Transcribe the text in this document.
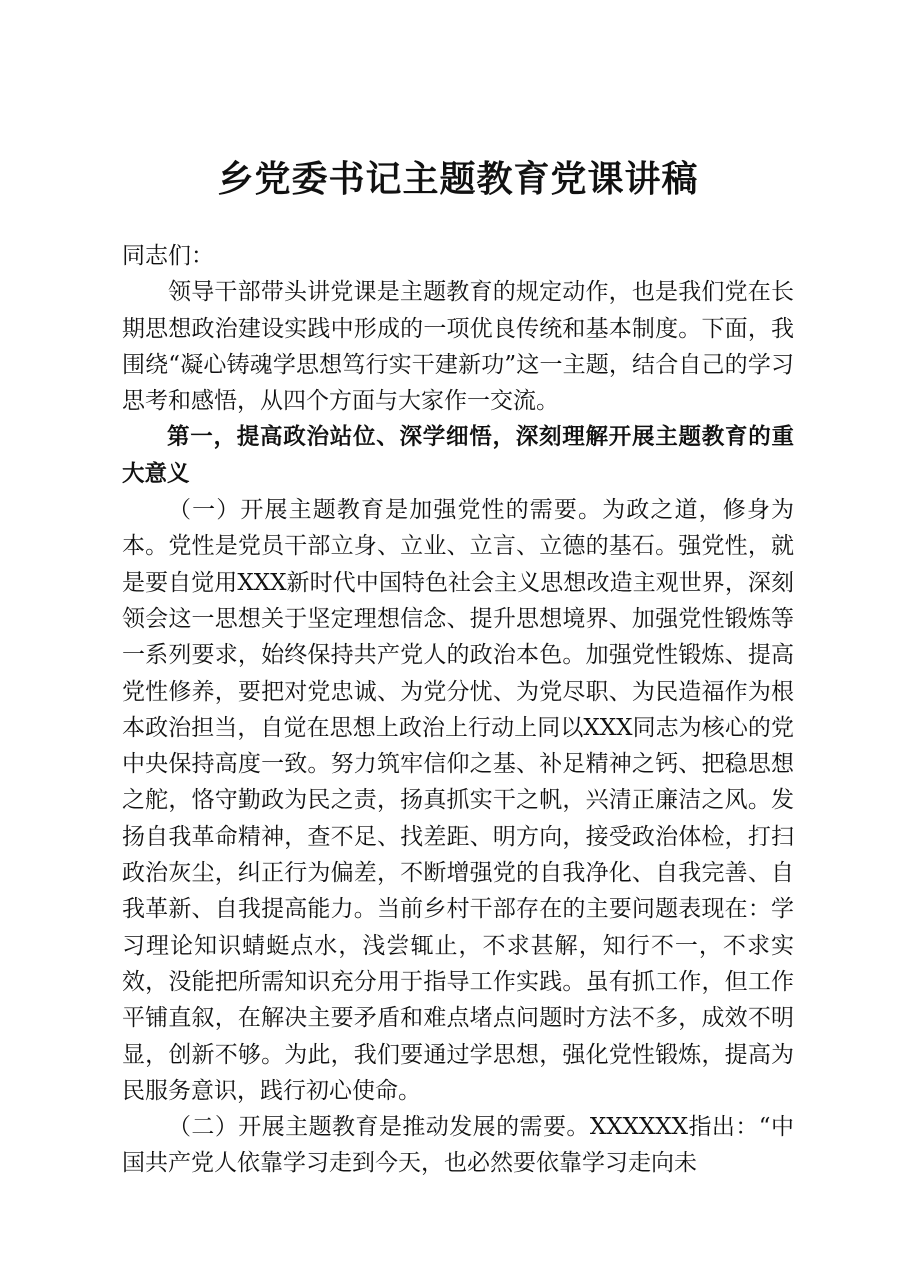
乡党委书记主题教育党课讲稿

同志们：

领导干部带头讲党课是主题教育的规定动作，也是我们党在长期思想政治建设实践中形成的一项优良传统和基本制度。下面，我围绕“凝心铸魂学思想笃行实干建新功”这一主题，结合自己的学习思考和感悟，从四个方面与大家作一交流。

第一，提高政治站位、深学细悟，深刻理解开展主题教育的重大意义

（一）开展主题教育是加强党性的需要。为政之道，修身为本。党性是党员干部立身、立业、立言、立德的基石。强党性，就是要自觉用XXX新时代中国特色社会主义思想改造主观世界，深刻领会这一思想关于坚定理想信念、提升思想境界、加强党性锻炼等一系列要求，始终保持共产党人的政治本色。加强党性锻炼、提高党性修养，要把对党忠诚、为党分忧、为党尽职、为民造福作为根本政治担当，自觉在思想上政治上行动上同以XXX同志为核心的党中央保持高度一致。努力筑牢信仰之基、补足精神之钙、把稳思想之舵，恪守勤政为民之责，扬真抓实干之帆，兴清正廉洁之风。发扬自我革命精神，查不足、找差距、明方向，接受政治体检，打扫政治灰尘，纠正行为偏差，不断增强党的自我净化、自我完善、自我革新、自我提高能力。当前乡村干部存在的主要问题表现在：学习理论知识蜻蜓点水，浅尝辄止，不求甚解，知行不一，不求实效，没能把所需知识充分用于指导工作实践。虽有抓工作，但工作平铺直叙，在解决主要矛盾和难点堵点问题时方法不多，成效不明显，创新不够。为此，我们要通过学思想，强化党性锻炼，提高为民服务意识，践行初心使命。

（二）开展主题教育是推动发展的需要。XXXXXX指出：“中国共产党人依靠学习走到今天，也必然要依靠学习走向未
